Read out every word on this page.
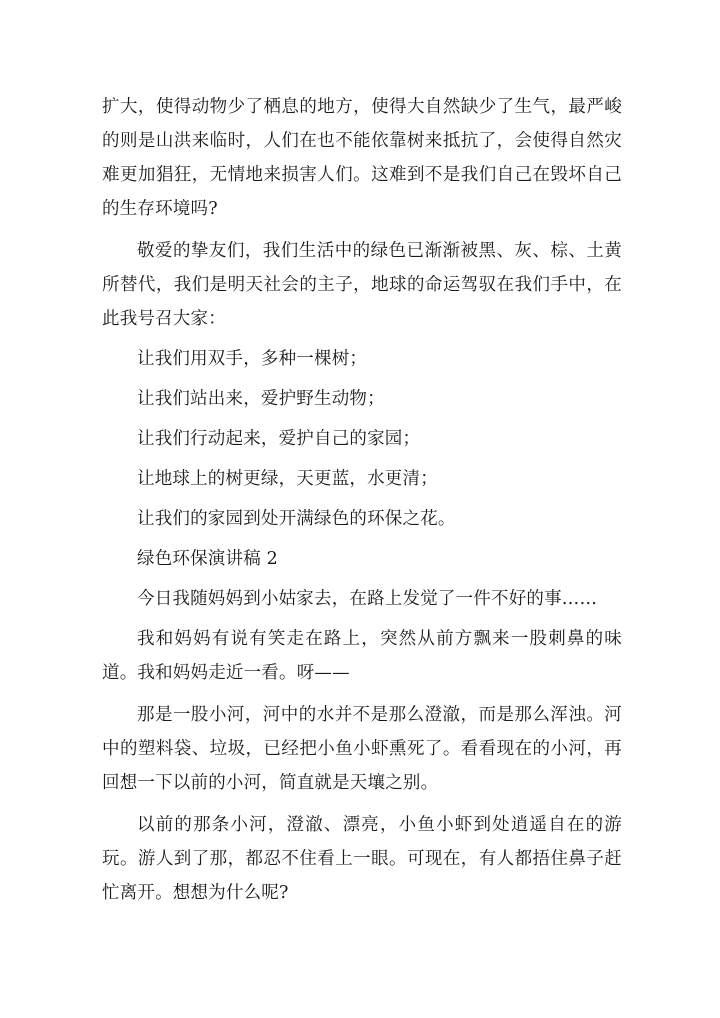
扩大，使得动物少了栖息的地方，使得大自然缺少了生气，最严峻的则是山洪来临时，人们在也不能依靠树来抵抗了，会使得自然灾难更加猖狂，无情地来损害人们。这难到不是我们自己在毁坏自己的生存环境吗?

敬爱的挚友们，我们生活中的绿色已渐渐被黑、灰、棕、土黄所替代，我们是明天社会的主子，地球的命运驾驭在我们手中，在此我号召大家：

让我们用双手，多种一棵树；

让我们站出来，爱护野生动物；

让我们行动起来，爱护自己的家园；

让地球上的树更绿，天更蓝，水更清；

让我们的家园到处开满绿色的环保之花。

绿色环保演讲稿 2

今日我随妈妈到小姑家去，在路上发觉了一件不好的事……

我和妈妈有说有笑走在路上，突然从前方飘来一股刺鼻的味道。我和妈妈走近一看。呀——

那是一股小河，河中的水并不是那么澄澈，而是那么浑浊。河中的塑料袋、垃圾，已经把小鱼小虾熏死了。看看现在的小河，再回想一下以前的小河，简直就是天壤之别。

以前的那条小河，澄澈、漂亮，小鱼小虾到处逍遥自在的游玩。游人到了那，都忍不住看上一眼。可现在，有人都捂住鼻子赶忙离开。想想为什么呢?
